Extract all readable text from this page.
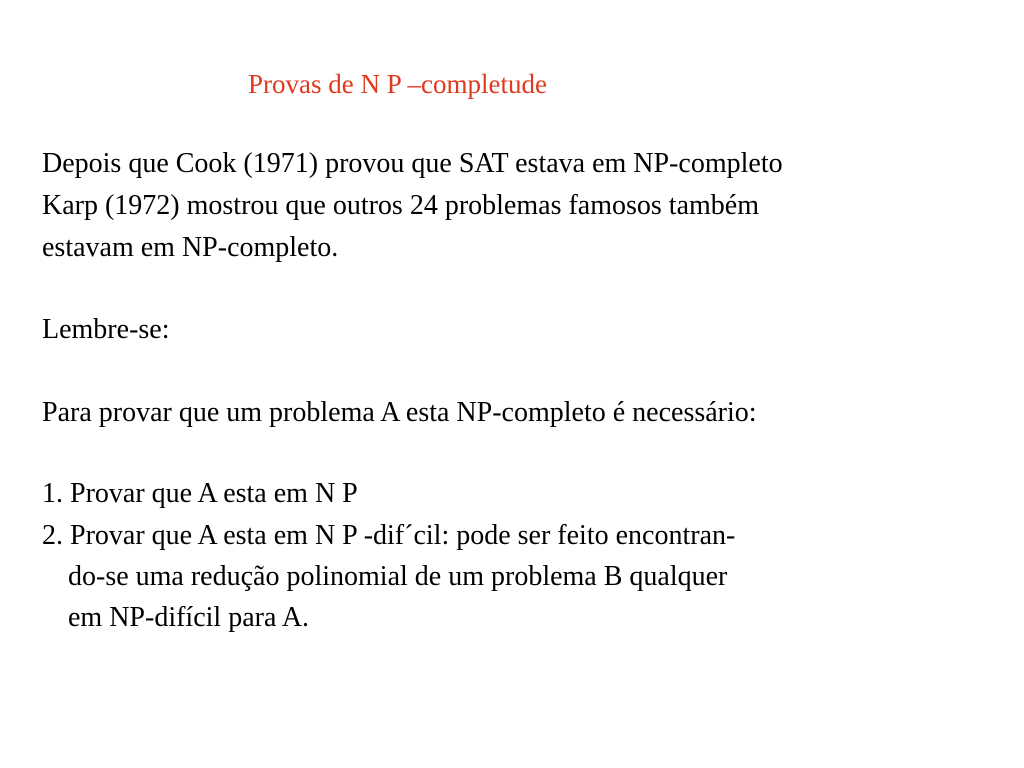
Provas de N P –completude
Depois que Cook (1971) provou que SAT estava em NP-completo
Karp (1972) mostrou que outros 24 problemas famosos também
estavam em NP-completo.
Lembre-se:
Para provar que um problema A esta NP-completo é necessário:
1. Provar que A esta em N P
2. Provar que A esta em N P -dif´cil: pode ser feito encontran-
do-se uma redução polinomial de um problema B qualquer
em NP-difícil para A.
